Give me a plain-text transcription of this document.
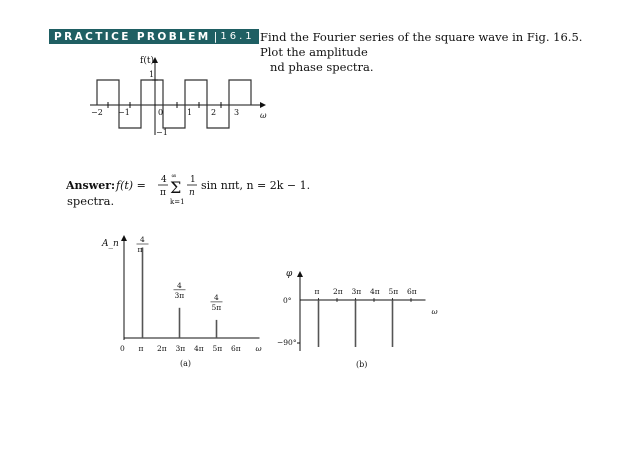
PRACTICE PROBLEM | 16.1 Find the Fourier series of the square wave in Fig. 16.5. Plot the amplitude
nd phase spectra.
f(t)
1
−1
−2 −1	0	1 2 3	ω
Answer: f(t) = 4
π
∞
Σ
k=1
1
n
sin nπt, n = 2k − 1.
spectra.
A_n
0 π 2π 3π 4π 5π 6π ω
4
π
4
3π	4
5π
(a)
φ
0°
−90°
π 2π 3π 4π 5π 6π
ω
(b)
